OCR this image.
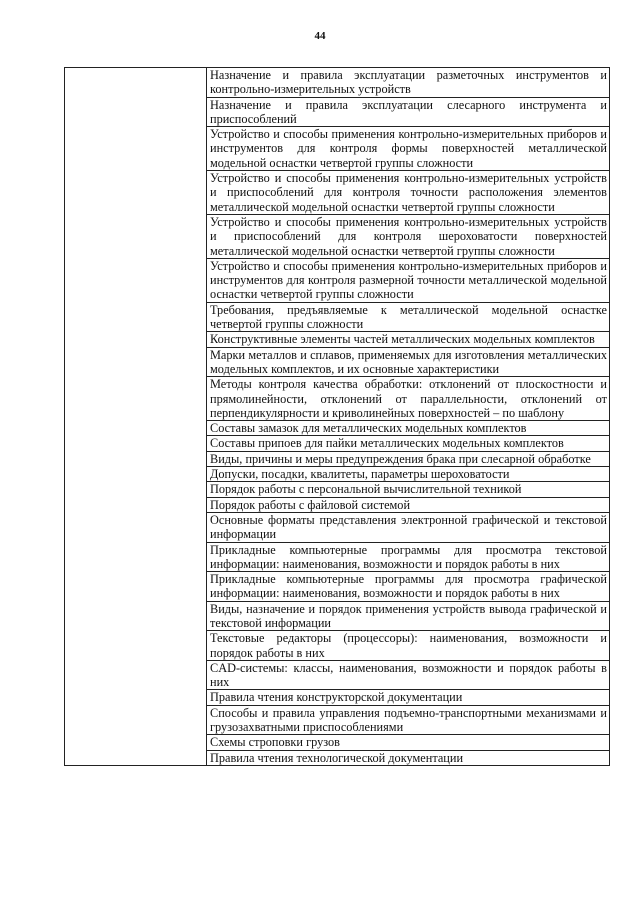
44
	Назначение и правила эксплуатации разметочных инструментов и контрольно-измерительных устройств
Назначение и правила эксплуатации слесарного инструмента и приспособлений
Устройство и способы применения контрольно-измерительных приборов и инструментов для контроля формы поверхностей металлической модельной оснастки четвертой группы сложности
Устройство и способы применения контрольно-измерительных устройств и приспособлений для контроля точности расположения элементов металлической модельной оснастки четвертой группы сложности
Устройство и способы применения контрольно-измерительных устройств и приспособлений для контроля шероховатости поверхностей металлической модельной оснастки четвертой группы сложности
Устройство и способы применения контрольно-измерительных приборов и инструментов для контроля размерной точности металлической модельной оснастки четвертой группы сложности
Требования, предъявляемые к металлической модельной оснастке четвертой группы сложности
Конструктивные элементы частей металлических модельных комплектов
Марки металлов и сплавов, применяемых для изготовления металлических модельных комплектов, и их основные характеристики
Методы контроля качества обработки: отклонений от плоскостности и прямолинейности, отклонений от параллельности, отклонений от перпендикулярности и криволинейных поверхностей – по шаблону
Составы замазок для металлических модельных комплектов
Составы припоев для пайки металлических модельных комплектов
Виды, причины и меры предупреждения брака при слесарной обработке
Допуски, посадки, квалитеты, параметры шероховатости
Порядок работы с персональной вычислительной техникой
Порядок работы с файловой системой
Основные форматы представления электронной графической и текстовой информации
Прикладные компьютерные программы для просмотра текстовой информации: наименования, возможности и порядок работы в них
Прикладные компьютерные программы для просмотра графической информации: наименования, возможности и порядок работы в них
Виды, назначение и порядок применения устройств вывода графической и текстовой информации
Текстовые редакторы (процессоры): наименования, возможности и порядок работы в них
CAD-системы: классы, наименования, возможности и порядок работы в них
Правила чтения конструкторской документации
Способы и правила управления подъемно-транспортными механизмами и грузозахватными приспособлениями
Схемы строповки грузов
Правила чтения технологической документации
